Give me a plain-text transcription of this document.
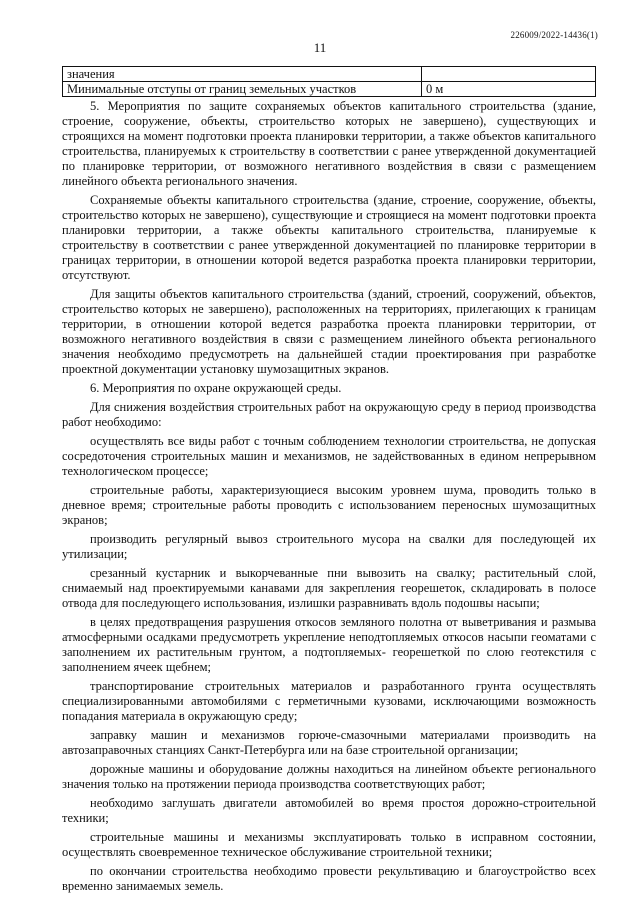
226009/2022-14436(1)
11
значения	
Минимальные отступы от границ земельных участков	0 м

5. Мероприятия по защите сохраняемых объектов капитального строительства (здание, строение, сооружение, объекты, строительство которых не завершено), существующих и строящихся на момент подготовки проекта планировки территории, а также объектов капитального строительства, планируемых к строительству в соответствии с ранее утвержденной документацией по планировке территории, от возможного негативного воздействия в связи с размещением линейного объекта регионального значения.

Сохраняемые объекты капитального строительства (здание, строение, сооружение, объекты, строительство которых не завершено), существующие и строящиеся на момент подготовки проекта планировки территории, а также объекты капитального строительства, планируемые к строительству в соответствии с ранее утвержденной документацией по планировке территории в границах территории, в отношении которой ведется разработка проекта планировки территории, отсутствуют.

Для защиты объектов капитального строительства (зданий, строений, сооружений, объектов, строительство которых не завершено), расположенных на территориях, прилегающих к границам территории, в отношении которой ведется разработка проекта планировки территории, от возможного негативного воздействия в связи с размещением линейного объекта регионального значения необходимо предусмотреть на дальнейшей стадии проектирования при разработке проектной документации установку шумозащитных экранов.

6. Мероприятия по охране окружающей среды.

Для снижения воздействия строительных работ на окружающую среду в период производства работ необходимо:

осуществлять все виды работ с точным соблюдением технологии строительства, не допуская сосредоточения строительных машин и механизмов, не задействованных в едином непрерывном технологическом процессе;

строительные работы, характеризующиеся высоким уровнем шума, проводить только в дневное время; строительные работы проводить с использованием переносных шумозащитных экранов;

производить регулярный вывоз строительного мусора на свалки для последующей их утилизации;

срезанный кустарник и выкорчеванные пни вывозить на свалку; растительный слой, снимаемый над проектируемыми канавами для закрепления георешеток, складировать в полосе отвода для последующего использования, излишки разравнивать вдоль подошвы насыпи;

в целях предотвращения разрушения откосов земляного полотна от выветривания и размыва атмосферными осадками предусмотреть укрепление неподтопляемых откосов насыпи геоматами с заполнением их растительным грунтом, а подтопляемых- георешеткой по слою геотекстиля с заполнением ячеек щебнем;

транспортирование строительных материалов и разработанного грунта осуществлять специализированными автомобилями с герметичными кузовами, исключающими возможность попадания материала в окружающую среду;

заправку машин и механизмов горюче-смазочными материалами производить на автозаправочных станциях Санкт-Петербурга или на базе строительной организации;

дорожные машины и оборудование должны находиться на линейном объекте регионального значения только на протяжении периода производства соответствующих работ;

необходимо заглушать двигатели автомобилей во время простоя дорожно-строительной техники;

строительные машины и механизмы эксплуатировать только в исправном состоянии, осуществлять своевременное техническое обслуживание строительной техники;

по окончании строительства необходимо провести рекультивацию и благоустройство всех временно занимаемых земель.
